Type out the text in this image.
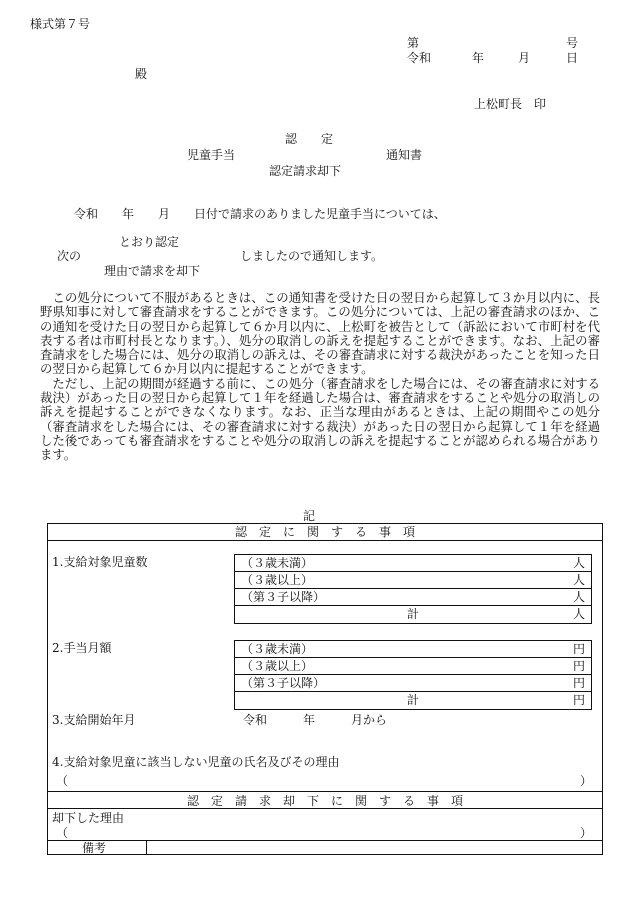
様式第７号
第	号
令和	年	月	日
殿
上松町長　印
認　　定
児童手当	通知書
認定請求却下
令和　　年　　月　　日付で請求のありました児童手当については、
とおり認定
次の	しましたので通知します。
理由で請求を却下

この処分について不服があるときは、この通知書を受けた日の翌日から起算して３か月以内に、長野県知事に対して審査請求をすることができます。この処分については、上記の審査請求のほか、この通知を受けた日の翌日から起算して６か月以内に、上松町を被告として（訴訟において市町村を代表する者は市町村長となります。）、処分の取消しの訴えを提起することができます。なお、上記の審査請求をした場合には、処分の取消しの訴えは、その審査請求に対する裁決があったことを知った日の翌日から起算して６か月以内に提起することができます。

ただし、上記の期間が経過する前に、この処分（審査請求をした場合には、その審査請求に対する裁決）があった日の翌日から起算して１年を経過した場合は、審査請求をすることや処分の取消しの訴えを提起することができなくなります。なお、正当な理由があるときは、上記の期間やこの処分（審査請求をした場合には、その審査請求に対する裁決）があった日の翌日から起算して１年を経過した後であっても審査請求をすることや処分の取消しの訴えを提起することが認められる場合があります。

記
認　定　に　関　す　る　事　項
1.支給対象児童数	（３歳未満）	人
（３歳以上）	人
（第３子以降）	人
計	人
2.手当月額	（３歳未満）	円
（３歳以上）	円
（第３子以降）	円
計	円
3.支給開始年月	令和　　　年　　　月から
4.支給対象児童に該当しない児童の氏名及びその理由
（	）
認　定　請　求　却　下　に　関　す　る　事　項
却下した理由
（	）
備考
